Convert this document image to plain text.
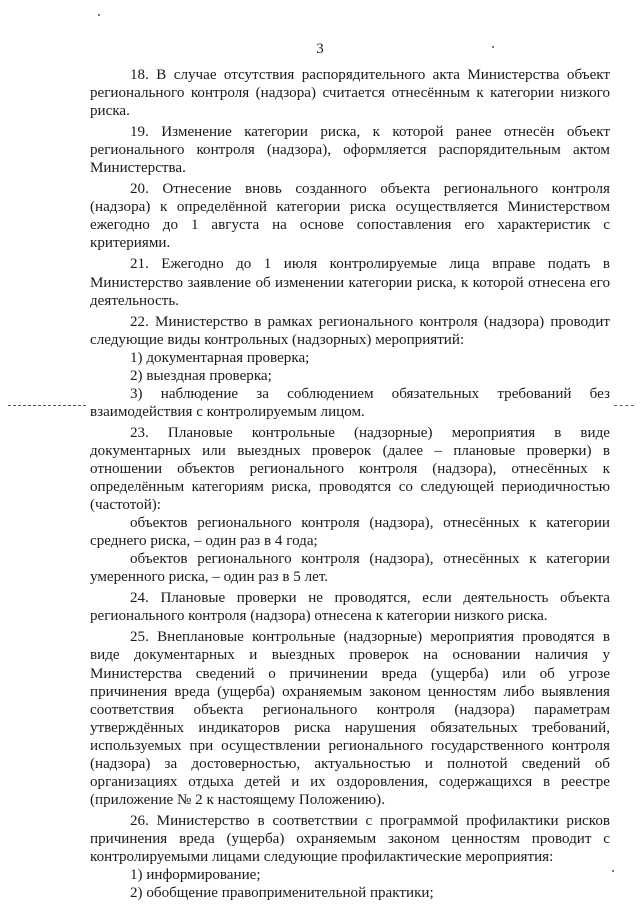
3

18. В случае отсутствия распорядительного акта Министерства объект регионального контроля (надзора) считается отнесённым к категории низкого риска.

19. Изменение категории риска, к которой ранее отнесён объект регионального контроля (надзора), оформляется распорядительным актом Министерства.

20. Отнесение вновь созданного объекта регионального контроля (надзора) к определённой категории риска осуществляется Министерством ежегодно до 1 августа на основе сопоставления его характеристик с критериями.

21. Ежегодно до 1 июля контролируемые лица вправе подать в Министерство заявление об изменении категории риска, к которой отнесена его деятельность.

22. Министерство в рамках регионального контроля (надзора) проводит следующие виды контрольных (надзорных) мероприятий:

1) документарная проверка;

2) выездная проверка;

3) наблюдение за соблюдением обязательных требований без взаимодействия с контролируемым лицом.

23. Плановые контрольные (надзорные) мероприятия в виде документарных или выездных проверок (далее – плановые проверки) в отношении объектов регионального контроля (надзора), отнесённых к определённым категориям риска, проводятся со следующей периодичностью (частотой):

объектов регионального контроля (надзора), отнесённых к категории среднего риска, – один раз в 4 года;

объектов регионального контроля (надзора), отнесённых к категории умеренного риска, – один раз в 5 лет.

24. Плановые проверки не проводятся, если деятельность объекта регионального контроля (надзора) отнесена к категории низкого риска.

25. Внеплановые контрольные (надзорные) мероприятия проводятся в виде документарных и выездных проверок на основании наличия у Министерства сведений о причинении вреда (ущерба) или об угрозе причинения вреда (ущерба) охраняемым законом ценностям либо выявления соответствия объекта регионального контроля (надзора) параметрам утверждённых индикаторов риска нарушения обязательных требований, используемых при осуществлении регионального государственного контроля (надзора) за достоверностью, актуальностью и полнотой сведений об организациях отдыха детей и их оздоровления, содержащихся в реестре (приложение № 2 к настоящему Положению).

26. Министерство в соответствии с программой профилактики рисков причинения вреда (ущерба) охраняемым законом ценностям проводит с контролируемыми лицами следующие профилактические мероприятия:

1) информирование;

2) обобщение правоприменительной практики;
